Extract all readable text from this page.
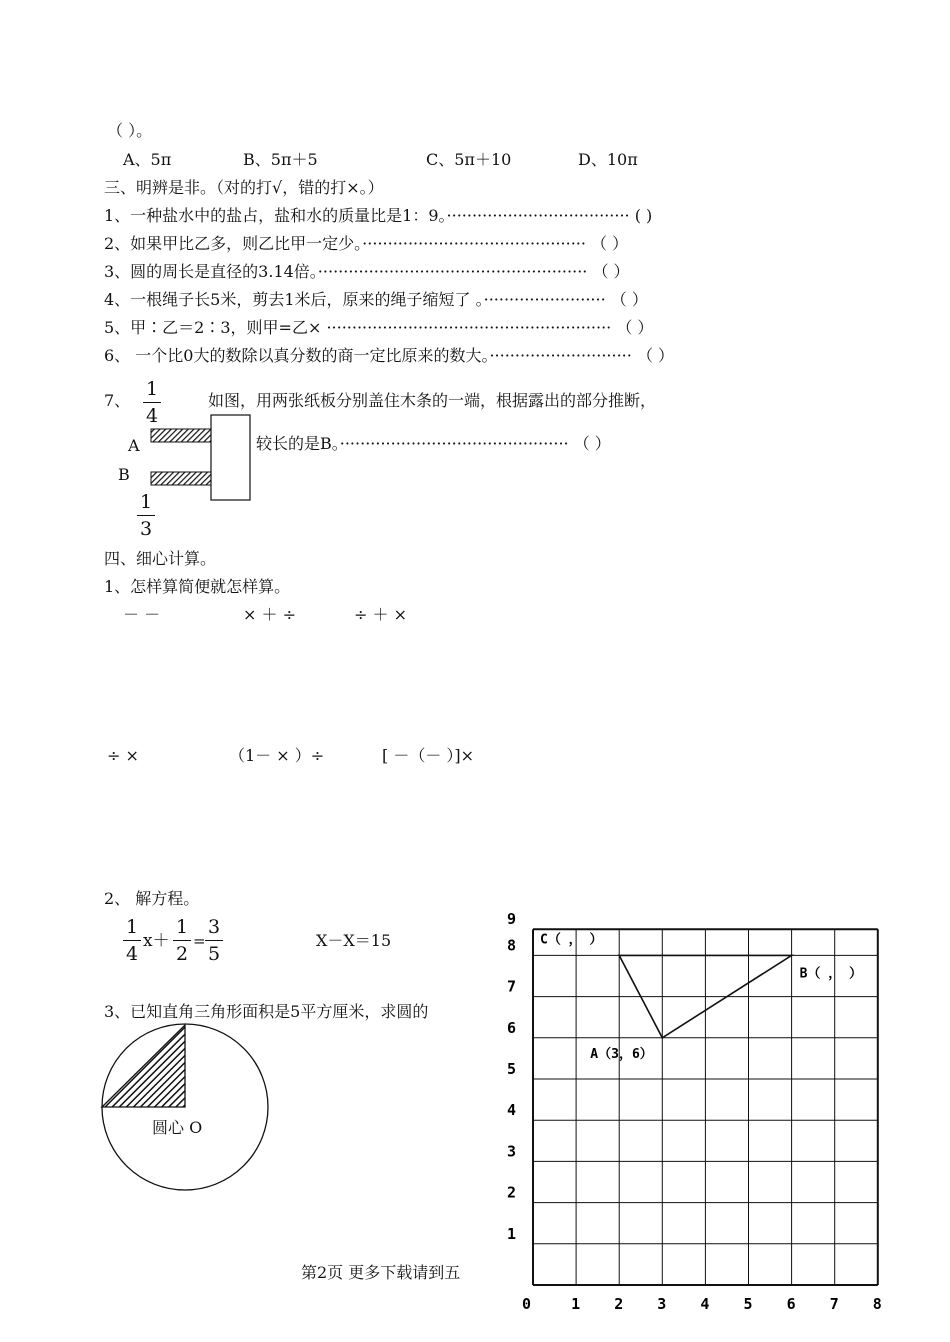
（ ）。
A、5π	B、5π＋5	C、5π＋10	D、10π
三、明辨是非。（对的打√，错的打×。）
1、一种盐水中的盐占，盐和水的质量比是1：9。···································· ( )
2、如果甲比乙多，则乙比甲一定少。············································ （ ）
3、圆的周长是直径的3.14倍。····················································· （ ）
4、一根绳子长5米，剪去1米后，原来的绳子缩短了 。························ （ ）
5、甲∶乙＝2∶3，则甲=乙× ························································ （ ）
6、 一个比0大的数除以真分数的商一定比原来的数大。···························· （ ）
7、
1
4
如图，用两张纸板分别盖住木条的一端，根据露出的部分推断，
较长的是B。············································· （ ）
A
B
1
3
四、细心计算。
1、怎样算简便就怎样算。
－ －	× ＋ ÷	÷ ＋ ×
÷ ×	（1－ × ）÷	[ －（－ ）]×
2、 解方程。
1
4
x＋
1
2
=
3
5
X－X＝15
3、已知直角三角形面积是5平方厘米，求圆的
圆心 O
第2页 更多下载请到五
0	1 2 3 4 5 6 7 8
1
2
3
4
5
6
7
8
9
A（3，6）
B（ ， ）
C（ ， ）
